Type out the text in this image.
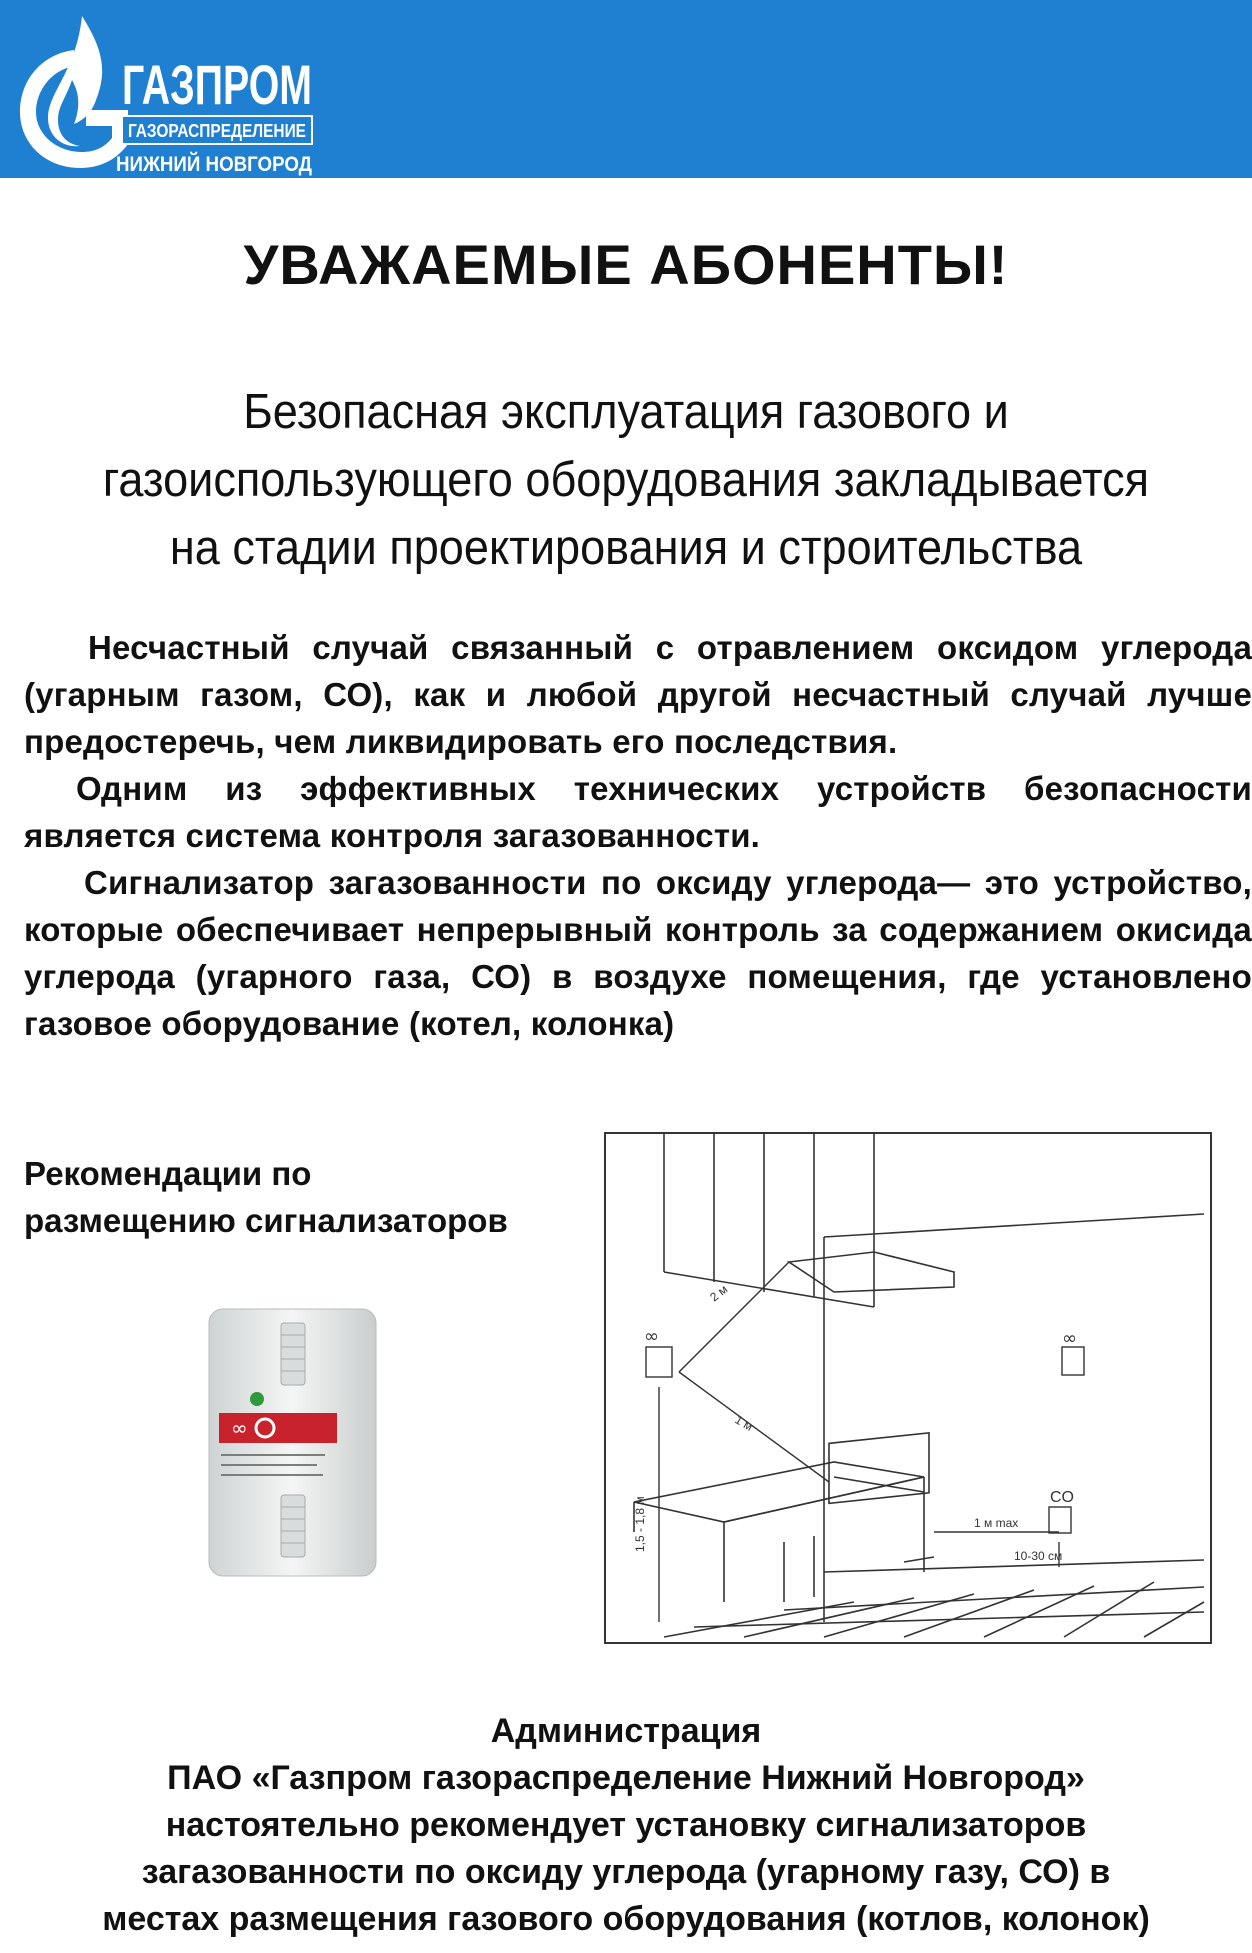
ГАЗПРОМ
ГАЗОРАСПРЕДЕЛЕНИЕ
НИЖНИЙ НОВГОРОД
УВАЖАЕМЫЕ АБОНЕНТЫ!
Безопасная эксплуатация газового и
газоиспользующего оборудования закладывается
на стадии проектирования и строительства

Несчастный случай связанный с отравлением оксидом углерода (угарным газом, СО), как и любой другой несчастный случай лучше предостеречь, чем ликвидировать его последствия.

Одним из эффективных технических устройств безопасности является система контроля загазованности.

Сигнализатор загазованности по оксиду углерода— это устройство, которые обеспечивает непрерывный контроль за содержанием окисида углерода (угарного газа, СО) в воздухе помещения, где установлено газовое оборудование (котел, колонка)

Рекомендации по
размещению сигнализаторов
∞
∞	∞
CO
2 м
1 м
1,5 - 1,8 м	1 м max
10-30 см
Администрация
ПАО «Газпром газораспределение Нижний Новгород»
настоятельно рекомендует установку сигнализаторов
загазованности по оксиду углерода (угарному газу, СО) в
местах размещения газового оборудования (котлов, колонок)
